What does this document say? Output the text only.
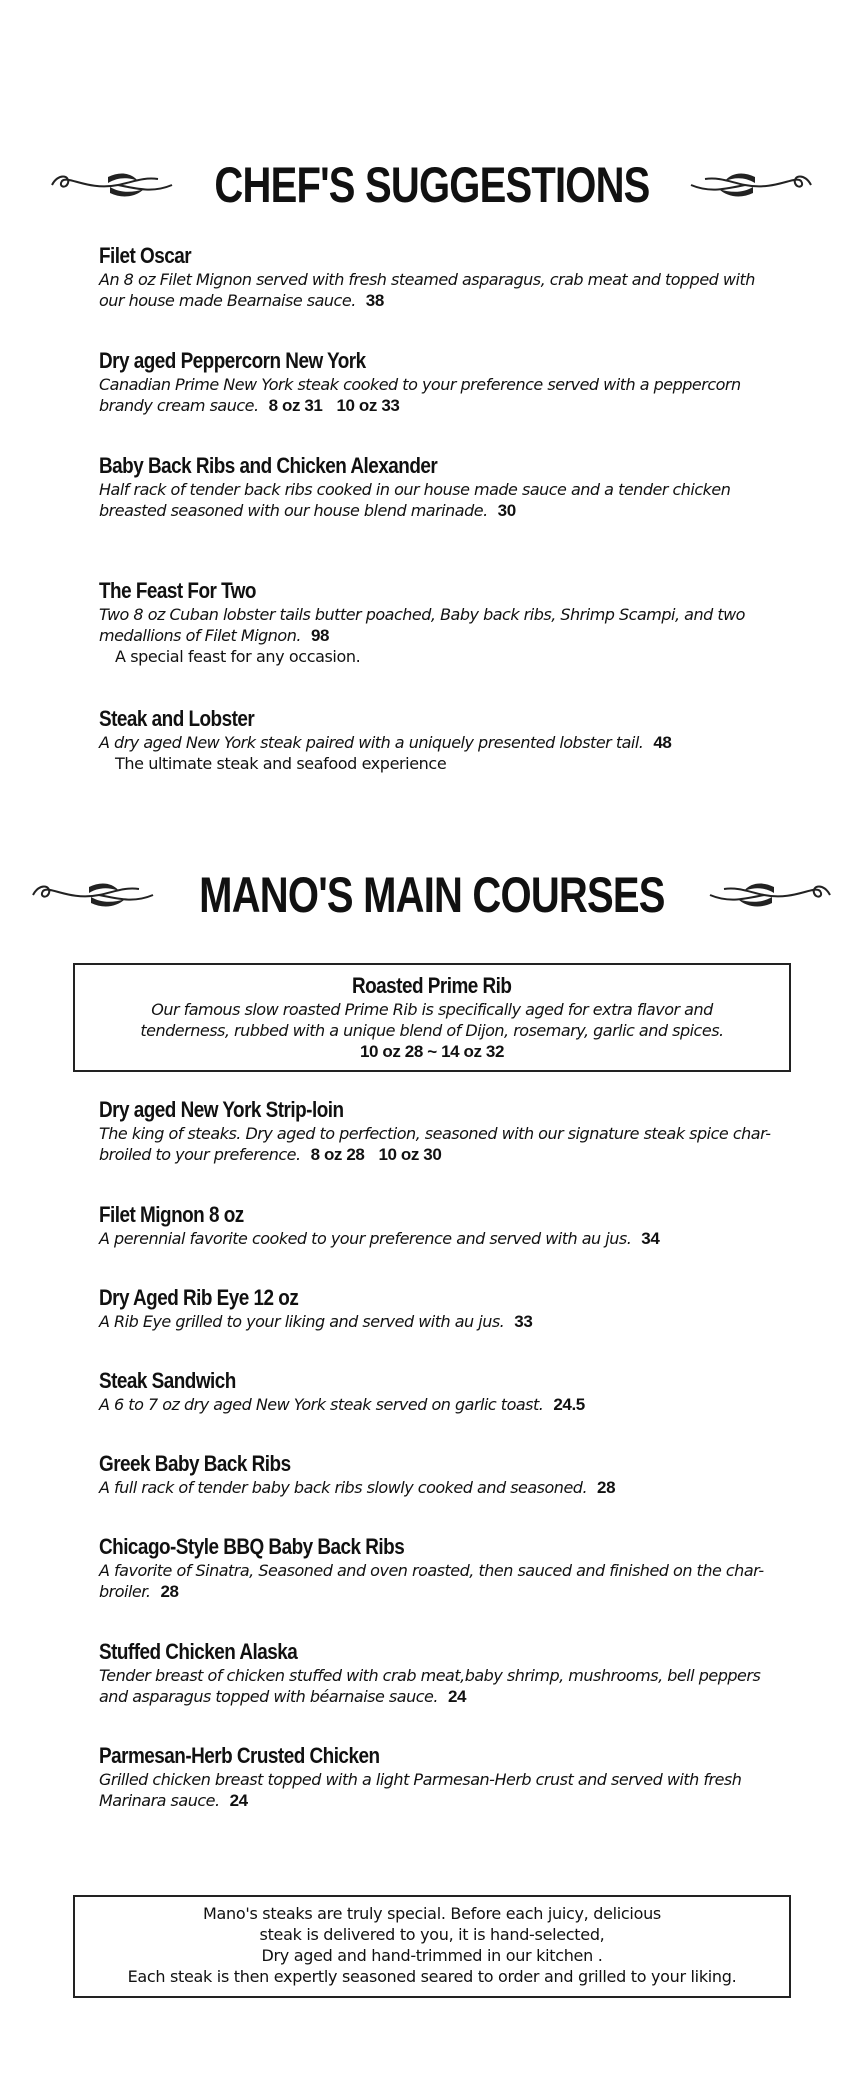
CHEF'S SUGGESTIONS
Filet Oscar
An 8 oz Filet Mignon served with fresh steamed asparagus, crab meat and topped with our house made Bearnaise sauce. 38
Dry aged Peppercorn New York
Canadian Prime New York steak cooked to your preference served with a peppercorn brandy cream sauce. 8 oz 31 10 oz 33
Baby Back Ribs and Chicken Alexander
Half rack of tender back ribs cooked in our house made sauce and a tender chicken breasted seasoned with our house blend marinade. 30
The Feast For Two
Two 8 oz Cuban lobster tails butter poached, Baby back ribs, Shrimp Scampi, and two medallions of Filet Mignon. 98
A special feast for any occasion.
Steak and Lobster
A dry aged New York steak paired with a uniquely presented lobster tail. 48
The ultimate steak and seafood experience
MANO'S MAIN COURSES
Roasted Prime Rib
Our famous slow roasted Prime Rib is specifically aged for extra flavor and
tenderness, rubbed with a unique blend of Dijon, rosemary, garlic and spices.
10 oz 28 ~ 14 oz 32
Dry aged New York Strip-loin
The king of steaks. Dry aged to perfection, seasoned with our signature steak spice char-broiled to your preference. 8 oz 28 10 oz 30
Filet Mignon 8 oz
A perennial favorite cooked to your preference and served with au jus. 34
Dry Aged Rib Eye 12 oz
A Rib Eye grilled to your liking and served with au jus. 33
Steak Sandwich
A 6 to 7 oz dry aged New York steak served on garlic toast. 24.5
Greek Baby Back Ribs
A full rack of tender baby back ribs slowly cooked and seasoned. 28
Chicago-Style BBQ Baby Back Ribs
A favorite of Sinatra, Seasoned and oven roasted, then sauced and finished on the char-broiler. 28
Stuffed Chicken Alaska
Tender breast of chicken stuffed with crab meat,baby shrimp, mushrooms, bell peppers and asparagus topped with béarnaise sauce. 24
Parmesan-Herb Crusted Chicken
Grilled chicken breast topped with a light Parmesan-Herb crust and served with fresh Marinara sauce. 24
Mano's steaks are truly special. Before each juicy, delicious
steak is delivered to you, it is hand-selected,
Dry aged and hand-trimmed in our kitchen .
Each steak is then expertly seasoned seared to order and grilled to your liking.
